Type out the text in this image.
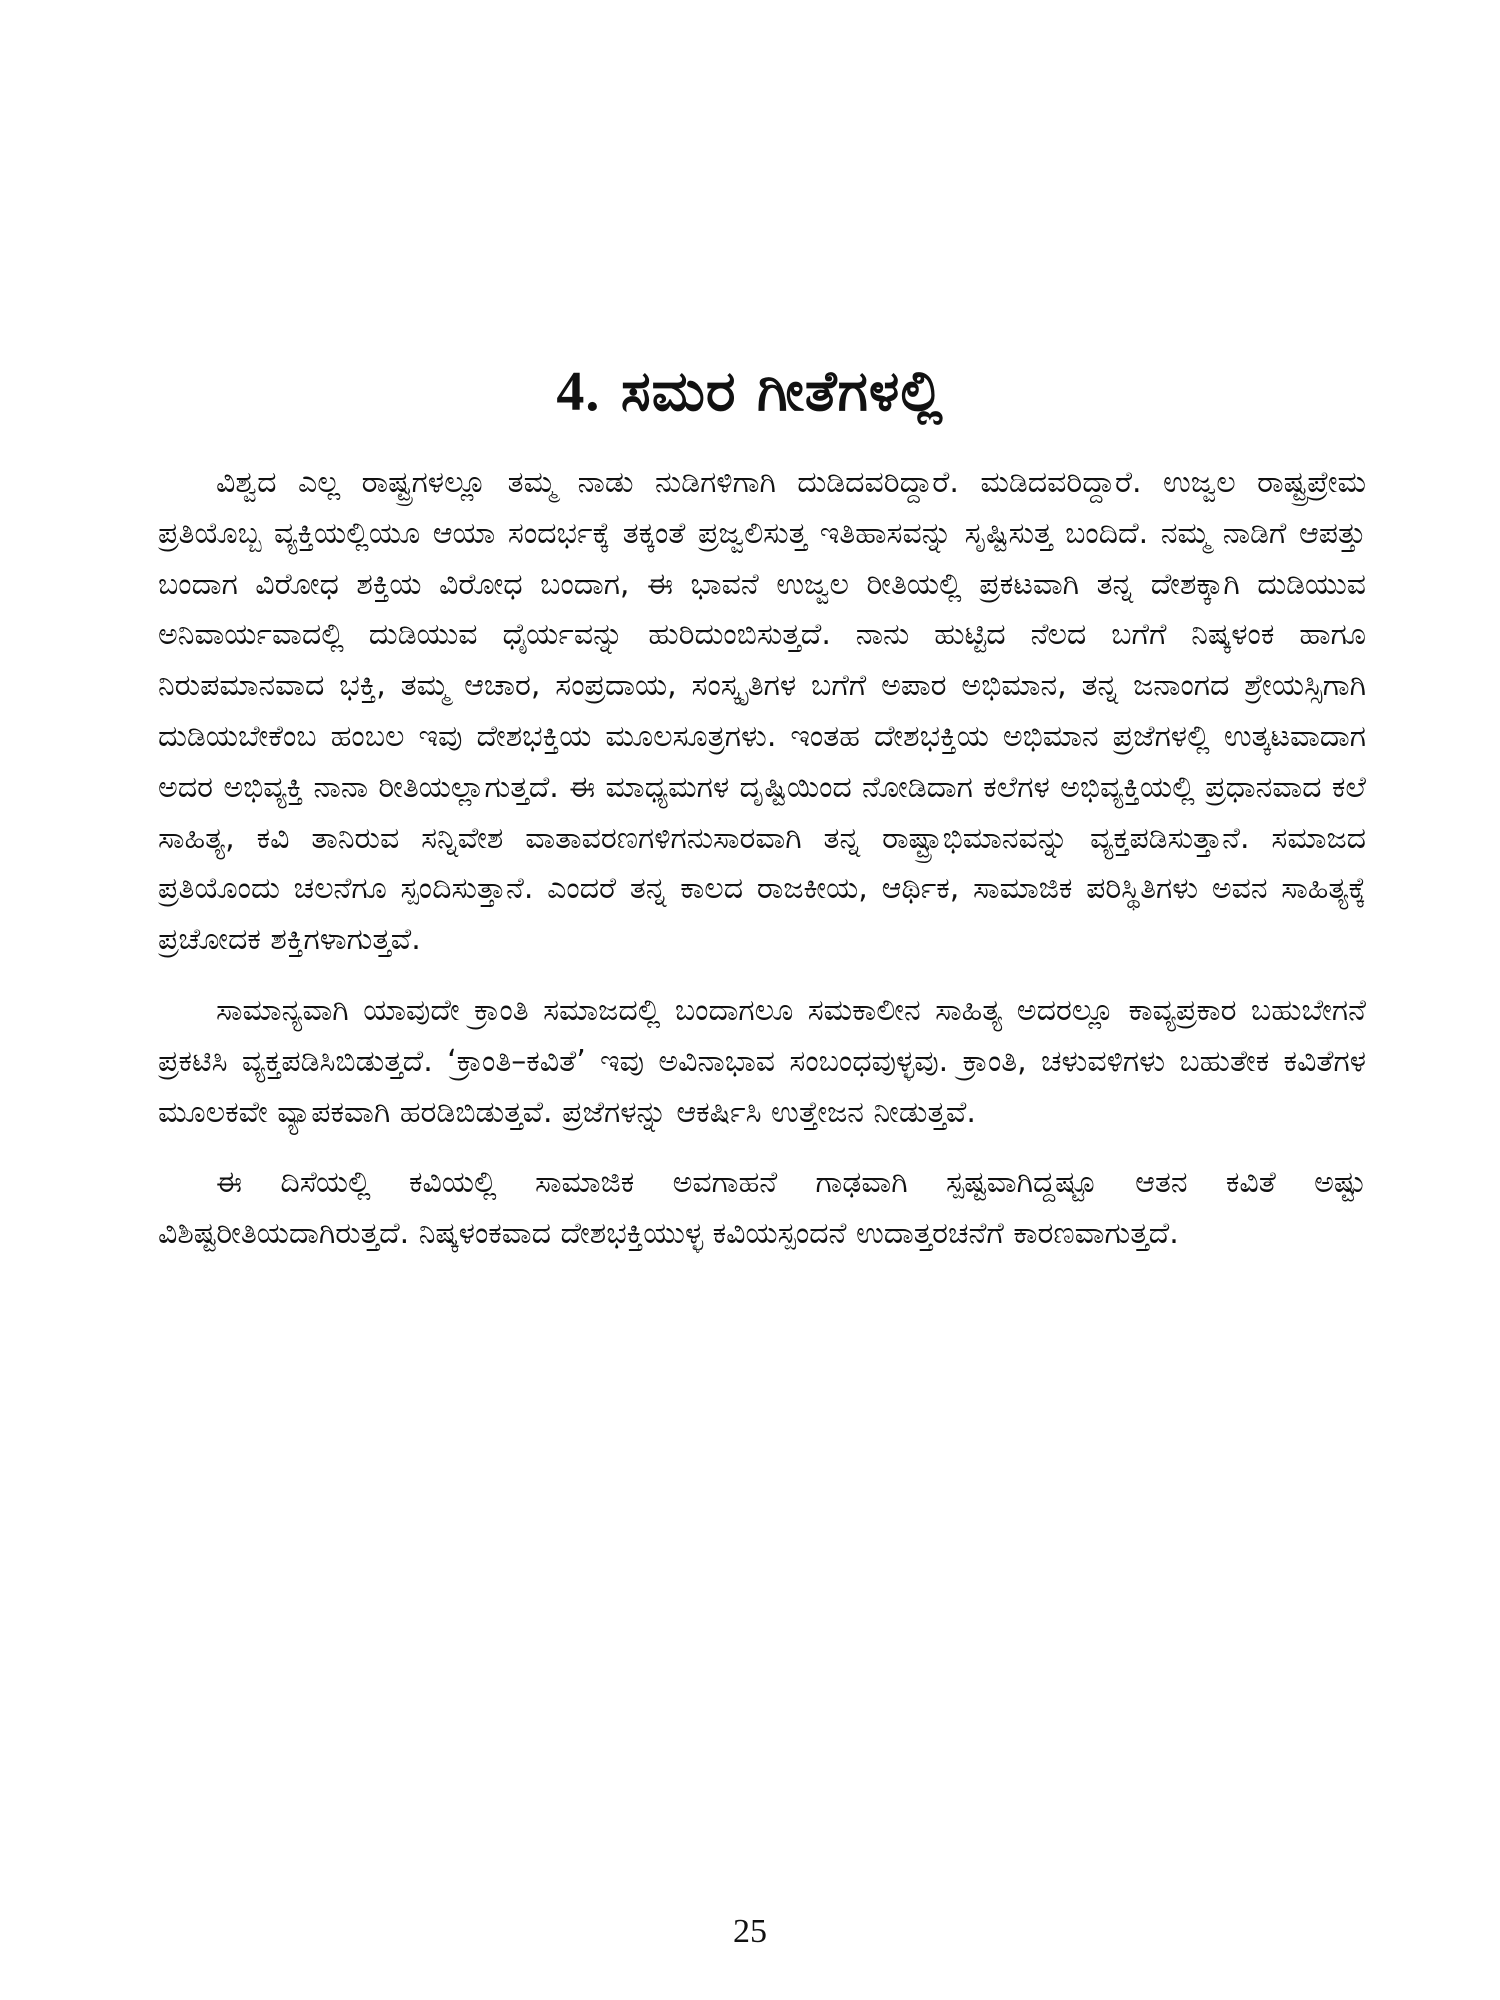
4. ಸಮರ ಗೀತೆಗಳಲ್ಲಿ

ವಿಶ್ವದ ಎಲ್ಲ ರಾಷ್ಟ್ರಗಳಲ್ಲೂ ತಮ್ಮ ನಾಡು ನುಡಿಗಳಿಗಾಗಿ ದುಡಿದವರಿದ್ದಾರೆ. ಮಡಿದವರಿದ್ದಾರೆ. ಉಜ್ವಲ ರಾಷ್ಟ್ರಪ್ರೇಮ ಪ್ರತಿಯೊಬ್ಬ ವ್ಯಕ್ತಿಯಲ್ಲಿಯೂ ಆಯಾ ಸಂದರ್ಭಕ್ಕೆ ತಕ್ಕಂತೆ ಪ್ರಜ್ವಲಿಸುತ್ತ ಇತಿಹಾಸವನ್ನು ಸೃಷ್ಟಿಸುತ್ತ ಬಂದಿದೆ. ನಮ್ಮ ನಾಡಿಗೆ ಆಪತ್ತು ಬಂದಾಗ ವಿರೋಧ ಶಕ್ತಿಯ ವಿರೋಧ ಬಂದಾಗ, ಈ ಭಾವನೆ ಉಜ್ವಲ ರೀತಿಯಲ್ಲಿ ಪ್ರಕಟವಾಗಿ ತನ್ನ ದೇಶಕ್ಕಾಗಿ ದುಡಿಯುವ ಅನಿವಾರ್ಯವಾದಲ್ಲಿ ದುಡಿಯುವ ಧೈರ್ಯವನ್ನು ಹುರಿದುಂಬಿಸುತ್ತದೆ. ನಾನು ಹುಟ್ಟಿದ ನೆಲದ ಬಗೆಗೆ ನಿಷ್ಕಳಂಕ ಹಾಗೂ ನಿರುಪಮಾನವಾದ ಭಕ್ತಿ, ತಮ್ಮ ಆಚಾರ, ಸಂಪ್ರದಾಯ, ಸಂಸ್ಕೃತಿಗಳ ಬಗೆಗೆ ಅಪಾರ ಅಭಿಮಾನ, ತನ್ನ ಜನಾಂಗದ ಶ್ರೇಯಸ್ಸಿಗಾಗಿ ದುಡಿಯಬೇಕೆಂಬ ಹಂಬಲ ಇವು ದೇಶಭಕ್ತಿಯ ಮೂಲಸೂತ್ರಗಳು. ಇಂತಹ ದೇಶಭಕ್ತಿಯ ಅಭಿಮಾನ ಪ್ರಜೆಗಳಲ್ಲಿ ಉತ್ಕಟವಾದಾಗ ಅದರ ಅಭಿವ್ಯಕ್ತಿ ನಾನಾ ರೀತಿಯಲ್ಲಾಗುತ್ತದೆ. ಈ ಮಾಧ್ಯಮಗಳ ದೃಷ್ಟಿಯಿಂದ ನೋಡಿದಾಗ ಕಲೆಗಳ ಅಭಿವ್ಯಕ್ತಿಯಲ್ಲಿ ಪ್ರಧಾನವಾದ ಕಲೆ ಸಾಹಿತ್ಯ, ಕವಿ ತಾನಿರುವ ಸನ್ನಿವೇಶ ವಾತಾವರಣಗಳಿಗನುಸಾರವಾಗಿ ತನ್ನ ರಾಷ್ಟ್ರಾಭಿಮಾನವನ್ನು ವ್ಯಕ್ತಪಡಿಸುತ್ತಾನೆ. ಸಮಾಜದ ಪ್ರತಿಯೊಂದು ಚಲನೆಗೂ ಸ್ಪಂದಿಸುತ್ತಾನೆ. ಎಂದರೆ ತನ್ನ ಕಾಲದ ರಾಜಕೀಯ, ಆರ್ಥಿಕ, ಸಾಮಾಜಿಕ ಪರಿಸ್ಥಿತಿಗಳು ಅವನ ಸಾಹಿತ್ಯಕ್ಕೆ ಪ್ರಚೋದಕ ಶಕ್ತಿಗಳಾಗುತ್ತವೆ.

ಸಾಮಾನ್ಯವಾಗಿ ಯಾವುದೇ ಕ್ರಾಂತಿ ಸಮಾಜದಲ್ಲಿ ಬಂದಾಗಲೂ ಸಮಕಾಲೀನ ಸಾಹಿತ್ಯ ಅದರಲ್ಲೂ ಕಾವ್ಯಪ್ರಕಾರ ಬಹುಬೇಗನೆ ಪ್ರಕಟಿಸಿ ವ್ಯಕ್ತಪಡಿಸಿಬಿಡುತ್ತದೆ. ‘ಕ್ರಾಂತಿ–ಕವಿತೆ’ ಇವು ಅವಿನಾಭಾವ ಸಂಬಂಧವುಳ್ಳವು. ಕ್ರಾಂತಿ, ಚಳುವಳಿಗಳು ಬಹುತೇಕ ಕವಿತೆಗಳ ಮೂಲಕವೇ ವ್ಯಾಪಕವಾಗಿ ಹರಡಿಬಿಡುತ್ತವೆ. ಪ್ರಜೆಗಳನ್ನು ಆಕರ್ಷಿಸಿ ಉತ್ತೇಜನ ನೀಡುತ್ತವೆ.

ಈ ದಿಸೆಯಲ್ಲಿ ಕವಿಯಲ್ಲಿ ಸಾಮಾಜಿಕ ಅವಗಾಹನೆ ಗಾಢವಾಗಿ ಸ್ಪಷ್ಟವಾಗಿದ್ದಷ್ಟೂ ಆತನ ಕವಿತೆ ಅಷ್ಟು ವಿಶಿಷ್ಟರೀತಿಯದಾಗಿರುತ್ತದೆ. ನಿಷ್ಕಳಂಕವಾದ ದೇಶಭಕ್ತಿಯುಳ್ಳ ಕವಿಯಸ್ಪಂದನೆ ಉದಾತ್ತರಚನೆಗೆ ಕಾರಣವಾಗುತ್ತದೆ.

25
